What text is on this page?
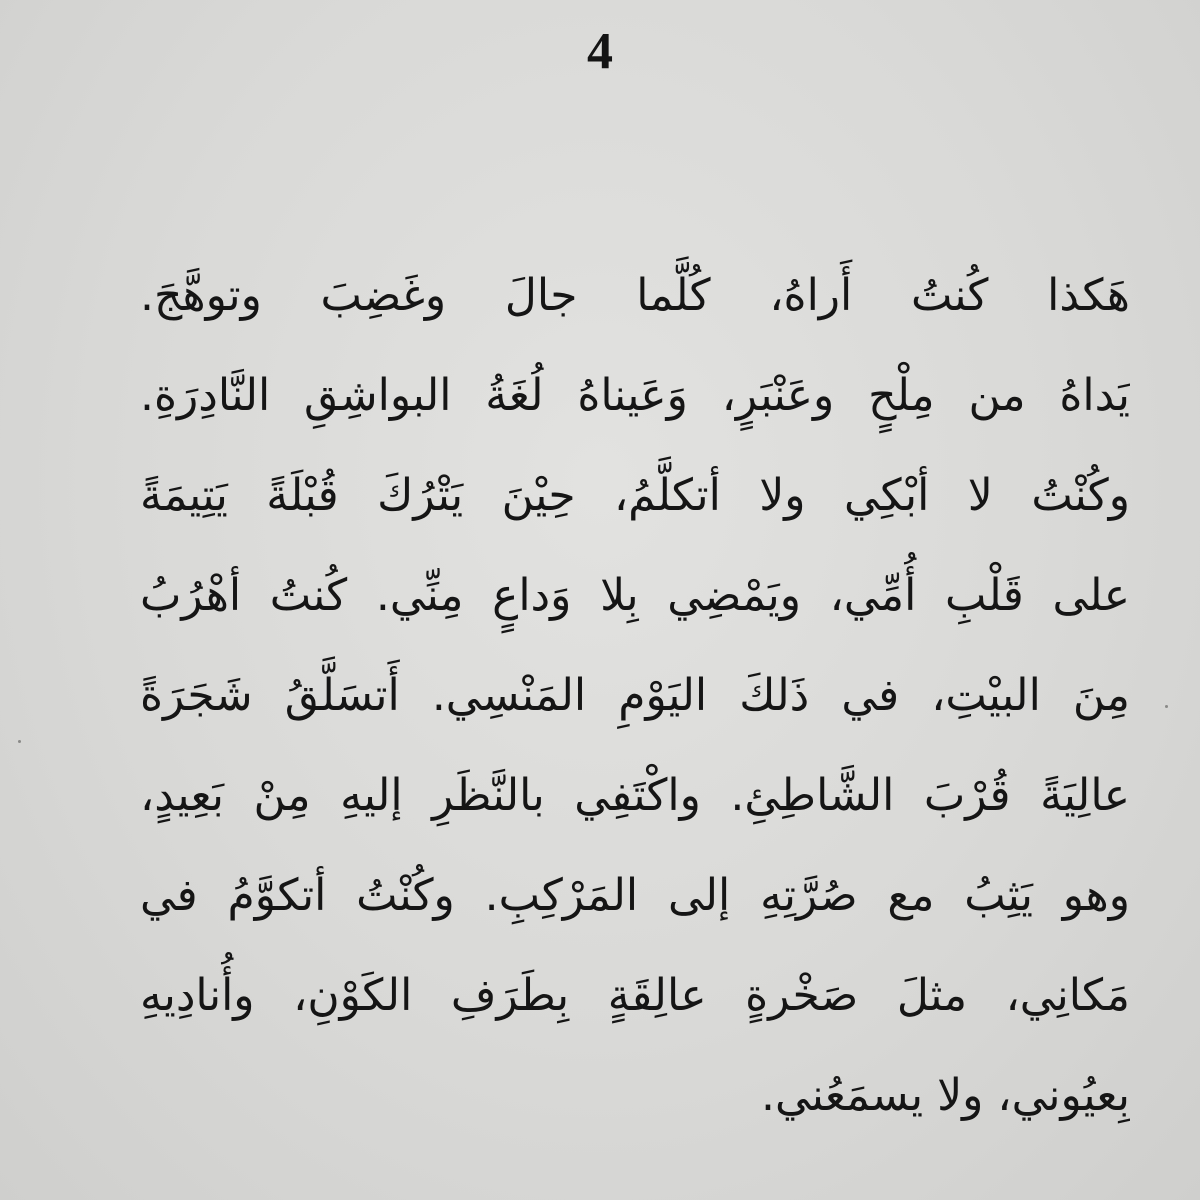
4
هَكذا كُنتُ أَراهُ، كُلَّما جالَ وغَضِبَ وتوهَّجَ.
يَداهُ من مِلْحٍ وعَنْبَرٍ، وَعَيناهُ لُغَةُ البواشِقِ النَّادِرَةِ.
وكُنْتُ لا أبْكِي ولا أتكلَّمُ، حِيْنَ يَتْرُكَ قُبْلَةً يَتِيمَةً
على قَلْبِ أُمِّي، ويَمْضِي بِلا وَداعٍ مِنِّي. كُنتُ أهْرُبُ
مِنَ البيْتِ، في ذَلكَ اليَوْمِ المَنْسِي. أَتسَلَّقُ شَجَرَةً
عالِيَةً قُرْبَ الشَّاطِئِ. واكْتَفِي بالنَّظَرِ إليهِ مِنْ بَعِيدٍ،
وهو يَثِبُ مع صُرَّتِهِ إلى المَرْكِبِ. وكُنْتُ أتكوَّمُ في
مَكانِي، مثلَ صَخْرةٍ عالِقَةٍ بِطَرَفِ الكَوْنِ، وأُنادِيهِ
بِعيُوني، ولا يسمَعُني.
